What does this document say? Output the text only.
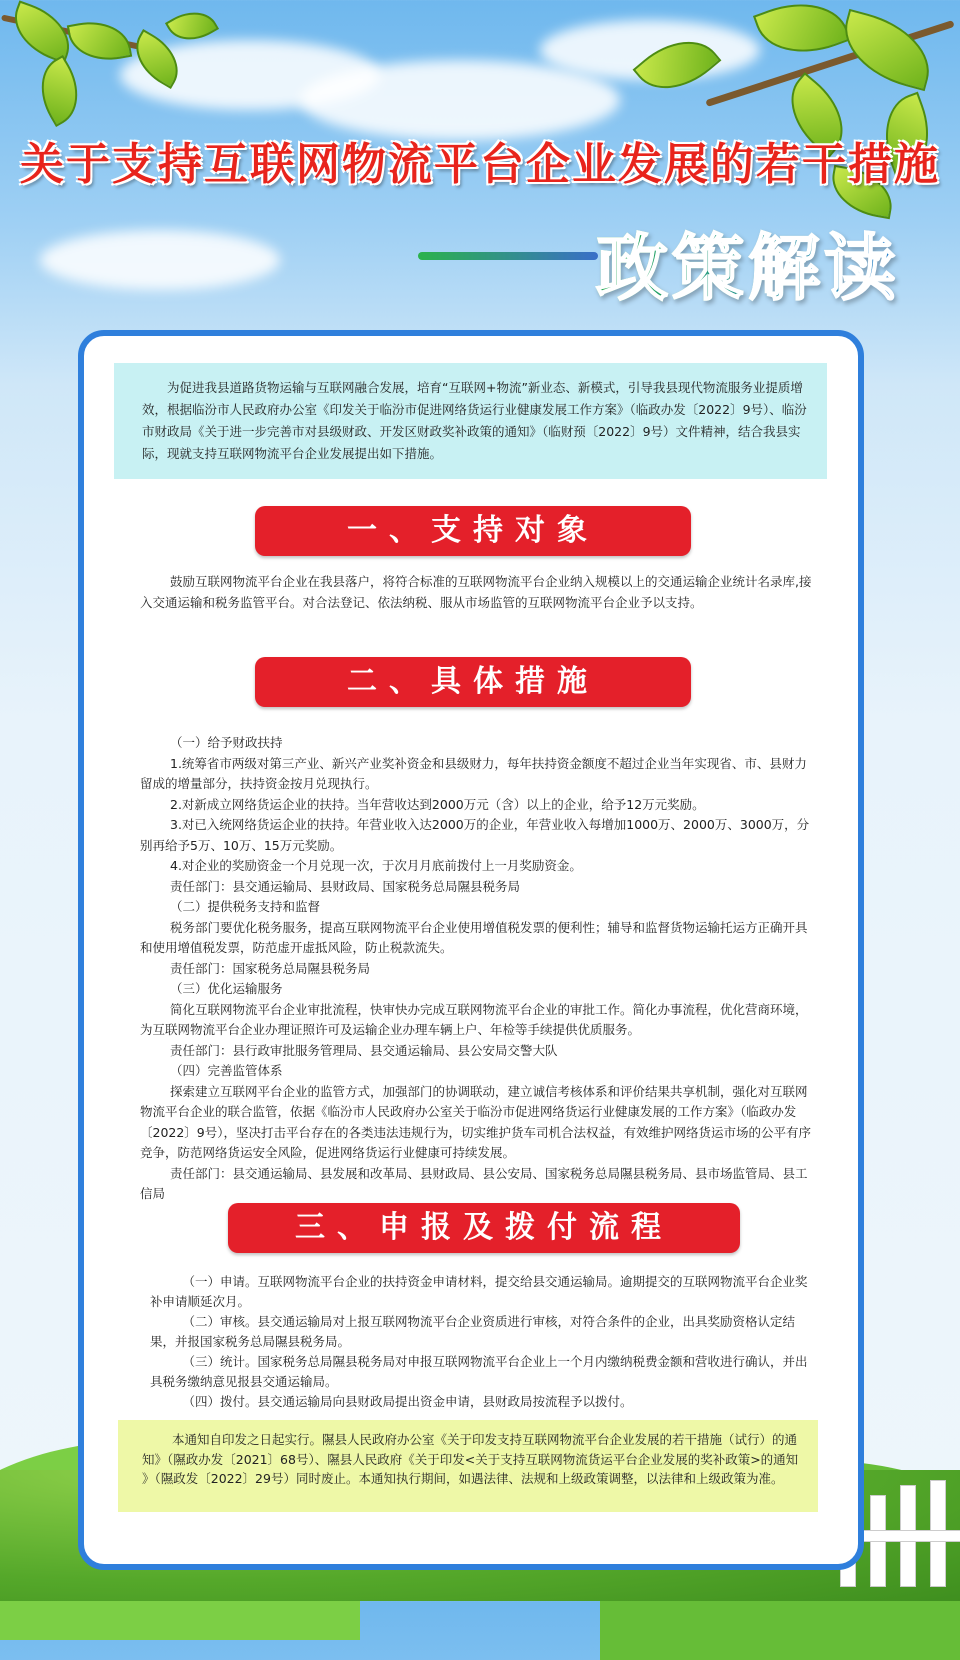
关于支持互联网物流平台企业发展的若干措施
政策解读

为促进我县道路货物运输与互联网融合发展，培育“互联网+物流”新业态、新模式，引导我县现代物流服务业提质增效，根据临汾市人民政府办公室《印发关于临汾市促进网络货运行业健康发展工作方案》（临政办发〔2022〕9号）、临汾市财政局《关于进一步完善市对县级财政、开发区财政奖补政策的通知》（临财预〔2022〕9号）文件精神，结合我县实际，现就支持互联网物流平台企业发展提出如下措施。

一、支持对象

鼓励互联网物流平台企业在我县落户，将符合标准的互联网物流平台企业纳入规模以上的交通运输企业统计名录库,接入交通运输和税务监管平台。对合法登记、依法纳税、服从市场监管的互联网物流平台企业予以支持。

二、具体措施

（一）给予财政扶持

1.统筹省市两级对第三产业、新兴产业奖补资金和县级财力，每年扶持资金额度不超过企业当年实现省、市、县财力留成的增量部分，扶持资金按月兑现执行。

2.对新成立网络货运企业的扶持。当年营收达到2000万元（含）以上的企业，给予12万元奖励。

3.对已入统网络货运企业的扶持。年营业收入达2000万的企业，年营业收入每增加1000万、2000万、3000万，分别再给予5万、10万、15万元奖励。

4.对企业的奖励资金一个月兑现一次，于次月月底前拨付上一月奖励资金。

责任部门：县交通运输局、县财政局、国家税务总局隰县税务局

（二）提供税务支持和监督

税务部门要优化税务服务，提高互联网物流平台企业使用增值税发票的便利性；辅导和监督货物运输托运方正确开具和使用增值税发票，防范虚开虚抵风险，防止税款流失。

责任部门：国家税务总局隰县税务局

（三）优化运输服务

简化互联网物流平台企业审批流程，快审快办完成互联网物流平台企业的审批工作。简化办事流程，优化营商环境，为互联网物流平台企业办理证照许可及运输企业办理车辆上户、年检等手续提供优质服务。

责任部门：县行政审批服务管理局、县交通运输局、县公安局交警大队

（四）完善监管体系

探索建立互联网平台企业的监管方式，加强部门的协调联动，建立诚信考核体系和评价结果共享机制，强化对互联网物流平台企业的联合监管，依据《临汾市人民政府办公室关于临汾市促进网络货运行业健康发展的工作方案》（临政办发〔2022〕9号），坚决打击平台存在的各类违法违规行为，切实维护货车司机合法权益，有效维护网络货运市场的公平有序竞争，防范网络货运安全风险，促进网络货运行业健康可持续发展。

责任部门：县交通运输局、县发展和改革局、县财政局、县公安局、国家税务总局隰县税务局、县市场监管局、县工信局

三、申报及拨付流程

（一）申请。互联网物流平台企业的扶持资金申请材料，提交给县交通运输局。逾期提交的互联网物流平台企业奖补申请顺延次月。

（二）审核。县交通运输局对上报互联网物流平台企业资质进行审核，对符合条件的企业，出具奖励资格认定结果，并报国家税务总局隰县税务局。

（三）统计。国家税务总局隰县税务局对申报互联网物流平台企业上一个月内缴纳税费金额和营收进行确认，并出具税务缴纳意见报县交通运输局。

（四）拨付。县交通运输局向县财政局提出资金申请，县财政局按流程予以拨付。

本通知自印发之日起实行。隰县人民政府办公室《关于印发支持互联网物流平台企业发展的若干措施（试行）的通知》（隰政办发〔2021〕68号）、隰县人民政府《关于印发<关于支持互联网物流货运平台企业发展的奖补政策>的通知 》（隰政发〔2022〕29号）同时废止。本通知执行期间，如遇法律、法规和上级政策调整，以法律和上级政策为准。
